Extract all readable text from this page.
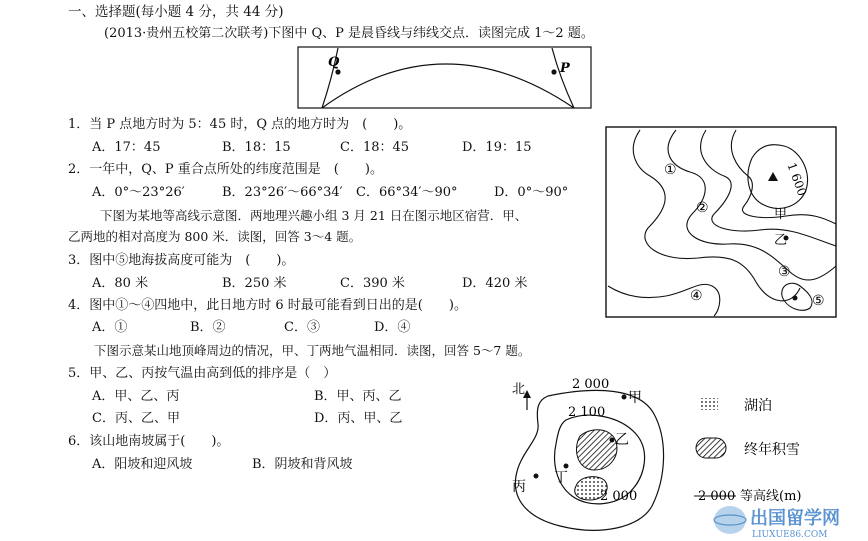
一、选择题(每小题 4 分，共 44 分)
(2013·贵州五校第二次联考)下图中 Q、P 是晨昏线与纬线交点．读图完成 1～2 题。
Q	P
1．当 P 点地方时为 5：45 时，Q 点的地方时为　(　　)。
A．17：45	B．18：15	C．18：45	D．19：15
2．一年中，Q、P 重合点所处的纬度范围是　(　　)。
A．0°～23°26′	B．23°26′～66°34′ C．66°34′～90°	D．0°～90°
下图为某地等高线示意图．两地理兴趣小组 3 月 21 日在图示地区宿营．甲、
乙两地的相对高度为 800 米．读图，回答 3～4 题。
3．图中⑤地海拔高度可能为　(　　)。
A．80 米	B．250 米	C．390 米	D．420 米
4．图中①～④四地中，此日地方时 6 时最可能看到日出的是(　　)。
A．①	B．②	C．③	D．④
下图示意某山地顶峰周边的情况，甲、丁两地气温相同．读图，回答 5～7 题。
5．甲、乙、丙按气温由高到低的排序是（　）
A．甲、乙、丙	B．甲、丙、乙
C．丙、乙、甲	D．丙、甲、乙
6．该山地南坡属于(　　)。
A．阳坡和迎风坡	B．阴坡和背风坡
①
②
③
④	⑤
甲
乙
1 600
北	2 000
2 100
2 000
甲
乙
丙
丁
湖泊
终年积雪
2 000 等高线(m)
出国留学网
LIUXUE86.COM
